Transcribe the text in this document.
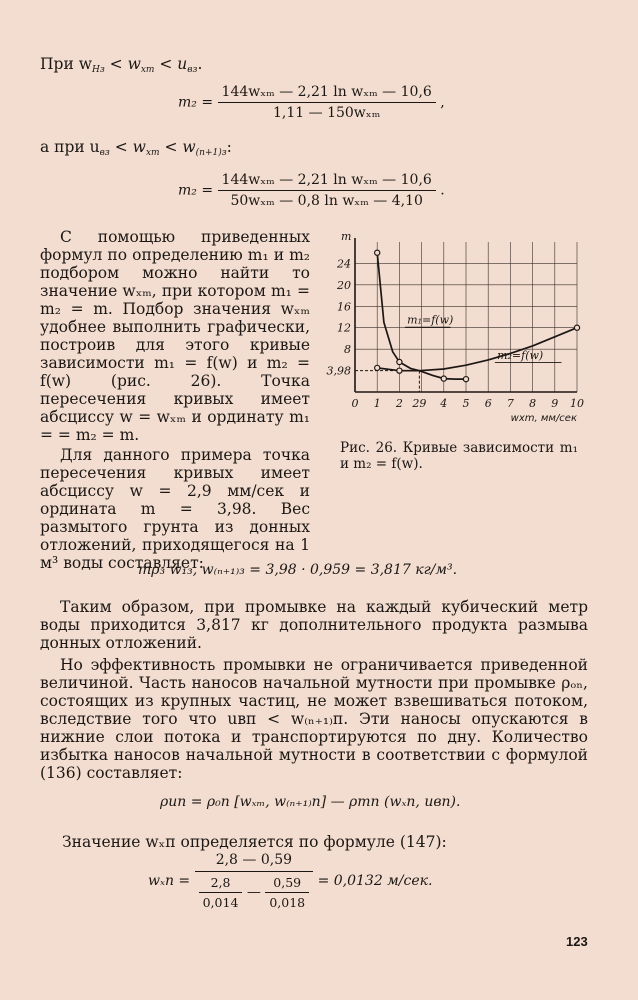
При $w_{Нз} < w_{xm} < u_{вз}$.
$m_2 = \frac{\text{144wₓₘ — 2,21 ln wₓₘ — 10,6}}{\text{1,11 — 150wₓₘ}}$ ,
а при $u_{вз} < w_{xm} < w_{(n+1)з}$:
$m_2 = \frac{\text{144wₓₘ — 2,21 ln wₓₘ — 10,6}}{\text{50wₓₘ — 0,8 ln wₓₘ — 4,10}}$ .

С помощью приведенных формул по определению m₁ и m₂ подбором можно найти то значение wₓₘ, при котором m₁ = m₂ = m. Подбор значения wₓₘ удобнее выполнить графически, построив для этого кривые зависимости m₁ = f(w) и m₂ = f(w) (рис. 26). Точка пересечения кривых имеет абсциссу w = wₓₘ и ординату m₁ = = m₂ = m.

Для данного примера точка пересечения кривых имеет абсциссу w = 2,9 мм/сек и ордината m = 3,98. Вес размытого грунта из донных отложений, приходящегося на 1 м³ воды составляет:

24
20
16
12
8
3,98
m
0 1 2 29 4 5 6 7 8 9 10
wxm, мм/сек
m₁=f(w)
m₂=f(w)
Рис. 26. Кривые зависимости m₁ и m₂ = f(w).
mρ₃ w₁₃, w₍ₙ₊₁₎₃ = 3,98 · 0,959 = 3,817 кг/м³.

Таким образом, при промывке на каждый кубический метр воды приходится 3,817 кг дополнительного продукта размыва донных отложений.

Но эффективность промывки не ограничивается приведенной величиной. Часть наносов начальной мутности при промывке ρₒₙ, состоящих из крупных частиц, не может взвешиваться потоком, вследствие того что uвп < w₍ₙ₊₁₎п. Эти наносы опускаются в нижние слои потока и транспортируются по дну. Количество избытка наносов начальной мутности в соответствии с формулой (136) составляет:

ρип = ρ₀п [wₓₘ, w₍ₙ₊₁₎п] — ρтп (wₓп, uвп).
Значение wₓп определяется по формуле (147):
$w_xп = \frac{2,8 — 0,59}{\frac{2,8}{0,014} — \frac{0,59}{0,018}} = 0,0132$ м/сек.
123
